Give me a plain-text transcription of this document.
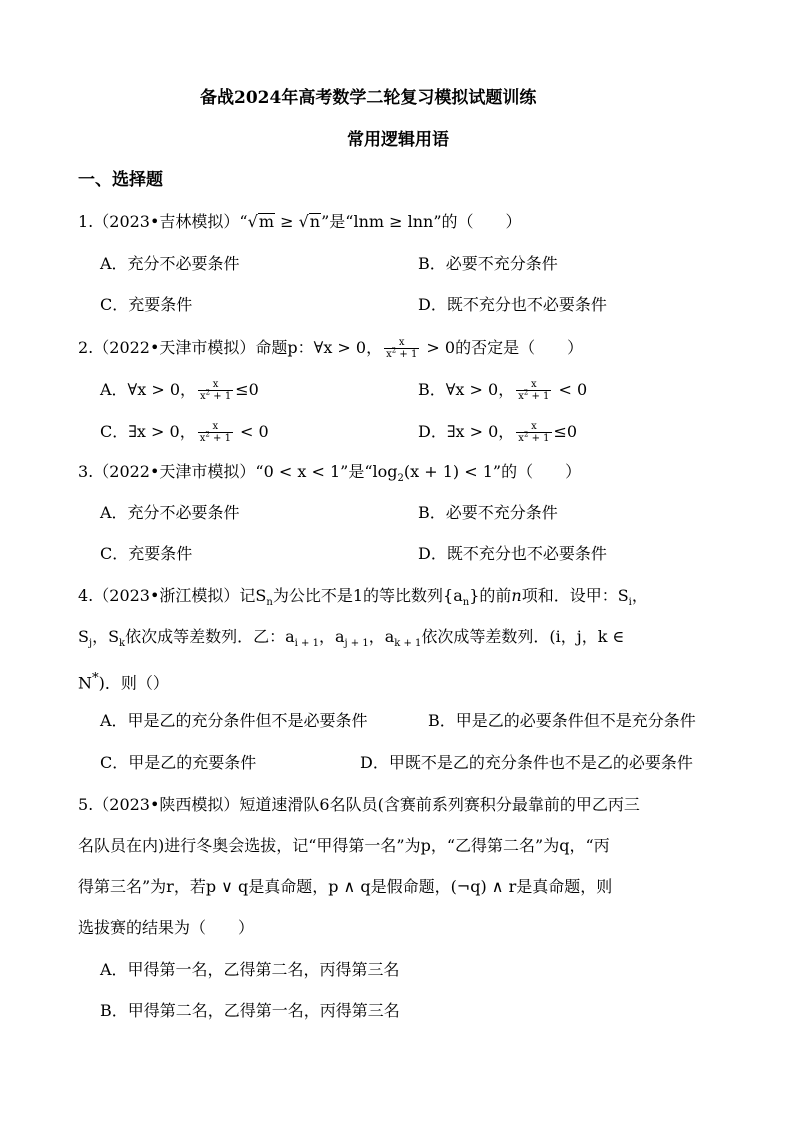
备战2024年高考数学二轮复习模拟试题训练
常用逻辑用语
一、选择题
1.（2023•吉林模拟）“√m ≥ √n”是“lnm ≥ lnn”的（　　）
A．充分不必要条件	B．必要不充分条件
C．充要条件	D．既不充分也不必要条件
2.（2022•天津市模拟）命题p：∀x > 0， $\frac{x}{x^2 + 1} > 0$的否定是（　　）
A．∀x > 0， $\frac{x}{x^2 + 1} \le 0$	B．∀x > 0， $\frac{x}{x^2 + 1} < 0$
C．∃x > 0， $\frac{x}{x^2 + 1} < 0$	D．∃x > 0， $\frac{x}{x^2 + 1} \le 0$
3.（2022•天津市模拟）“0 < x < 1”是“$\log_2(x + 1) < 1$”的（　　）
A．充分不必要条件	B．必要不充分条件
C．充要条件	D．既不充分也不必要条件
4.（2023•浙江模拟）记$S_n$为公比不是1的等比数列$\{a_n\}$的前n项和．设甲：$S_i$，
$S_j$，$S_k$依次成等差数列．乙：$a_{i + 1}$，$a_{j + 1}$，$a_{k + 1}$依次成等差数列．(i，j，k ∈
N*)．则（）
A．甲是乙的充分条件但不是必要条件	B．甲是乙的必要条件但不是充分条件
C．甲是乙的充要条件	D．甲既不是乙的充分条件也不是乙的必要条件
5.（2023•陕西模拟）短道速滑队6名队员(含赛前系列赛积分最靠前的甲乙丙三
名队员在内)进行冬奥会选拔，记“甲得第一名”为p，“乙得第二名”为q，“丙
得第三名”为r，若p ∨ q是真命题，p ∧ q是假命题，(¬q) ∧ r是真命题，则
选拔赛的结果为（　　）
A．甲得第一名，乙得第二名，丙得第三名
B．甲得第二名，乙得第一名，丙得第三名
